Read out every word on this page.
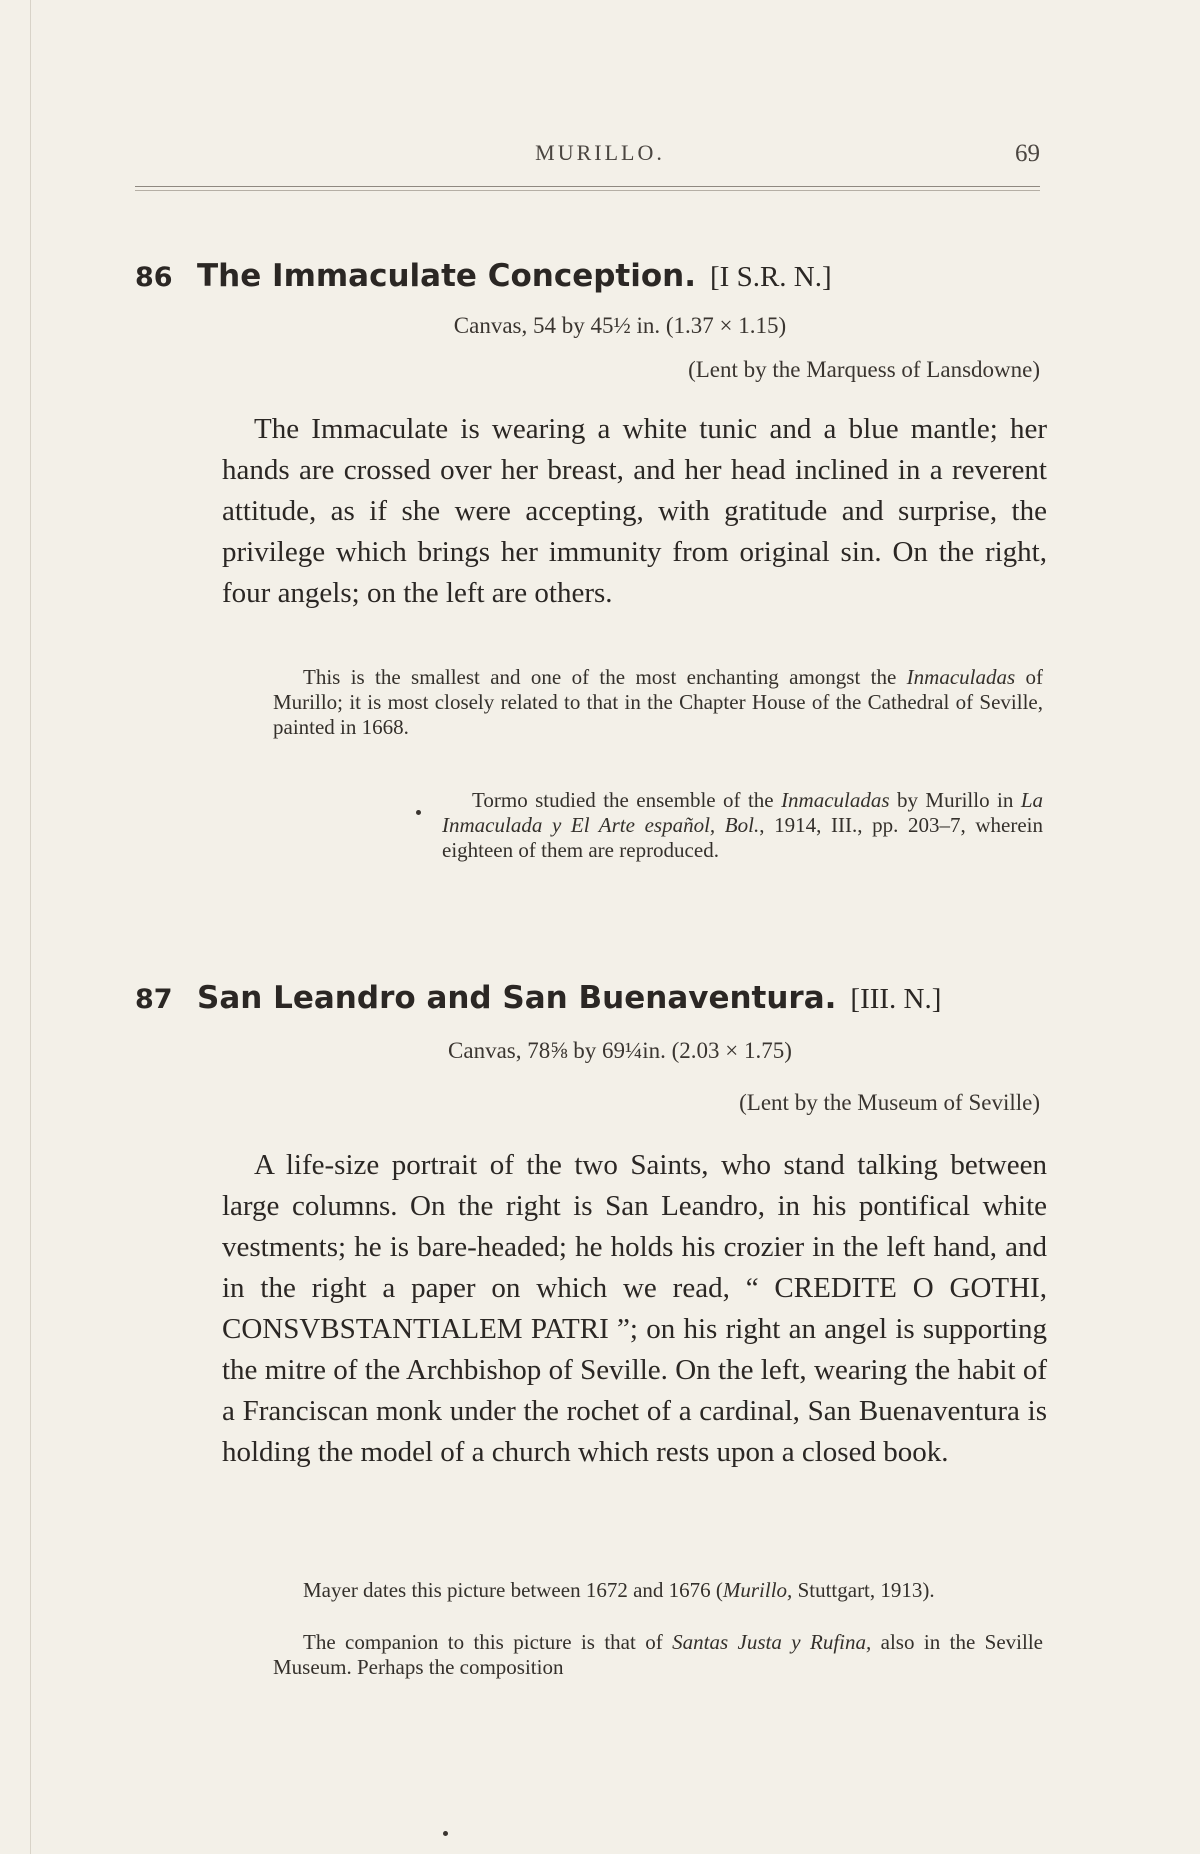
MURILLO.	69
86 The Immaculate Conception. [I S.R. N.]
Canvas, 54 by 45½ in. (1.37 × 1.15)
(Lent by the Marquess of Lansdowne)

The Immaculate is wearing a white tunic and a blue mantle; her hands are crossed over her breast, and her head inclined in a reverent attitude, as if she were accepting, with gratitude and surprise, the privilege which brings her immunity from original sin. On the right, four angels; on the left are others.

This is the smallest and one of the most enchanting amongst the Inmaculadas of Murillo; it is most closely related to that in the Chapter House of the Cathedral of Seville, painted in 1668.

Tormo studied the ensemble of the Inmaculadas by Murillo in La Inmaculada y El Arte español, Bol., 1914, III., pp. 203–7, wherein eighteen of them are reproduced.

87 San Leandro and San Buenaventura. [III. N.]
Canvas, 78⅝ by 69¼in. (2.03 × 1.75)
(Lent by the Museum of Seville)

A life-size portrait of the two Saints, who stand talking between large columns. On the right is San Leandro, in his pontifical white vestments; he is bare-headed; he holds his crozier in the left hand, and in the right a paper on which we read, “ CREDITE O GOTHI, CONSVBSTANTIALEM PATRI ”; on his right an angel is supporting the mitre of the Archbishop of Seville. On the left, wearing the habit of a Franciscan monk under the rochet of a cardinal, San Buenaventura is holding the model of a church which rests upon a closed book.

Mayer dates this picture between 1672 and 1676 (Murillo, Stuttgart, 1913).

The companion to this picture is that of Santas Justa y Rufina, also in the Seville Museum. Perhaps the composition
